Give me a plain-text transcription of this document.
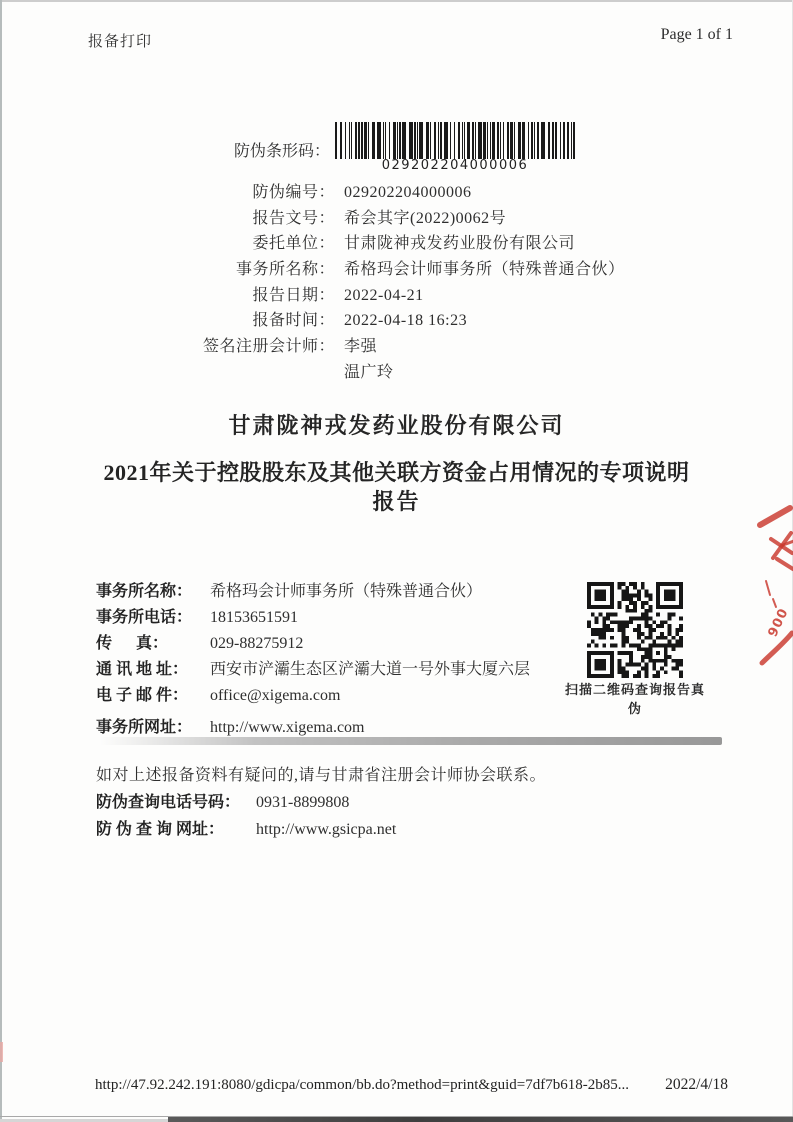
报备打印	Page 1 of 1
防伪条形码：
029202204000006
防伪编号： 029202204000006
报告文号： 希会其字(2022)0062号
委托单位： 甘肃陇神戎发药业股份有限公司
事务所名称： 希格玛会计师事务所（特殊普通合伙）
报告日期： 2022-04-21
报备时间： 2022-04-18 16:23
签名注册会计师： 李强
温广玲
甘肃陇神戎发药业股份有限公司
2021年关于控股股东及其他关联方资金占用情况的专项说明
报告
事务所名称：	希格玛会计师事务所（特殊普通合伙）
事务所电话：	18153651591
传      真：	029-88275912
通 讯 地 址：	西安市浐灞生态区浐灞大道一号外事大厦六层
电 子 邮 件：	office@xigema.com
事务所网址：	http://www.xigema.com
扫描二维码查询报告真伪
如对上述报备资料有疑问的,请与甘肃省注册会计师协会联系。
防伪查询电话号码： 0931-8899808
防 伪 查 询 网址：	http://www.gsicpa.net
006
http://47.92.242.191:8080/gdicpa/common/bb.do?method=print&guid=7df7b618-2b85...	2022/4/18
